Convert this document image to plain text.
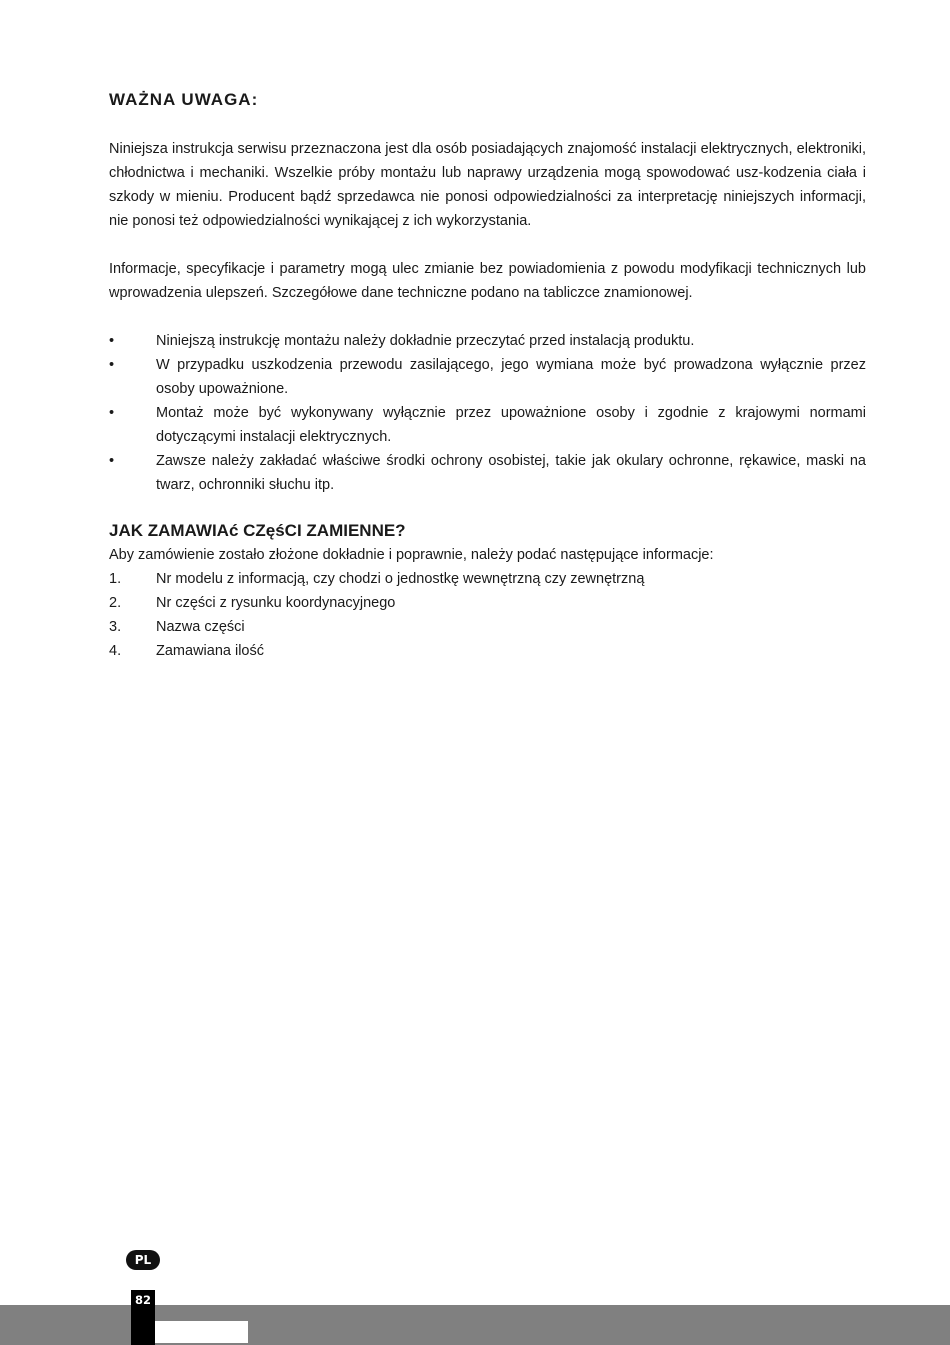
WAŻNA UWAGA:

Niniejsza instrukcja serwisu przeznaczona jest dla osób posiadających znajomość instalacji elektrycznych, elektroniki, chłodnictwa i mechaniki. Wszelkie próby montażu lub naprawy urządzenia mogą spowodować usz-kodzenia ciała i szkody w mieniu. Producent bądź sprzedawca nie ponosi odpowiedzialności za interpretację niniejszych informacji, nie ponosi też odpowiedzialności wynikającej z ich wykorzystania.

Informacje, specyfikacje i parametry mogą ulec zmianie bez powiadomienia z powodu modyfikacji technicznych lub wprowadzenia ulepszeń. Szczegółowe dane techniczne podano na tabliczce znamionowej.

•	Niniejszą instrukcję montażu należy dokładnie przeczytać przed instalacją produktu.
•	W przypadku uszkodzenia przewodu zasilającego, jego wymiana może być prowadzona wyłącznie przez osoby upoważnione.
•	Montaż może być wykonywany wyłącznie przez upoważnione osoby i zgodnie z krajowymi normami dotyczącymi instalacji elektrycznych.
•	Zawsze należy zakładać właściwe środki ochrony osobistej, takie jak okulary ochronne, rękawice, maski na twarz, ochronniki słuchu itp.
JAK ZAMAWIAć CZęśCI ZAMIENNE?

Aby zamówienie zostało złożone dokładnie i poprawnie, należy podać następujące informacje:

1.	Nr modelu z informacją, czy chodzi o jednostkę wewnętrzną czy zewnętrzną
2.	Nr części z rysunku koordynacyjnego
3.	Nazwa części
4.	Zamawiana ilość
PL
82
